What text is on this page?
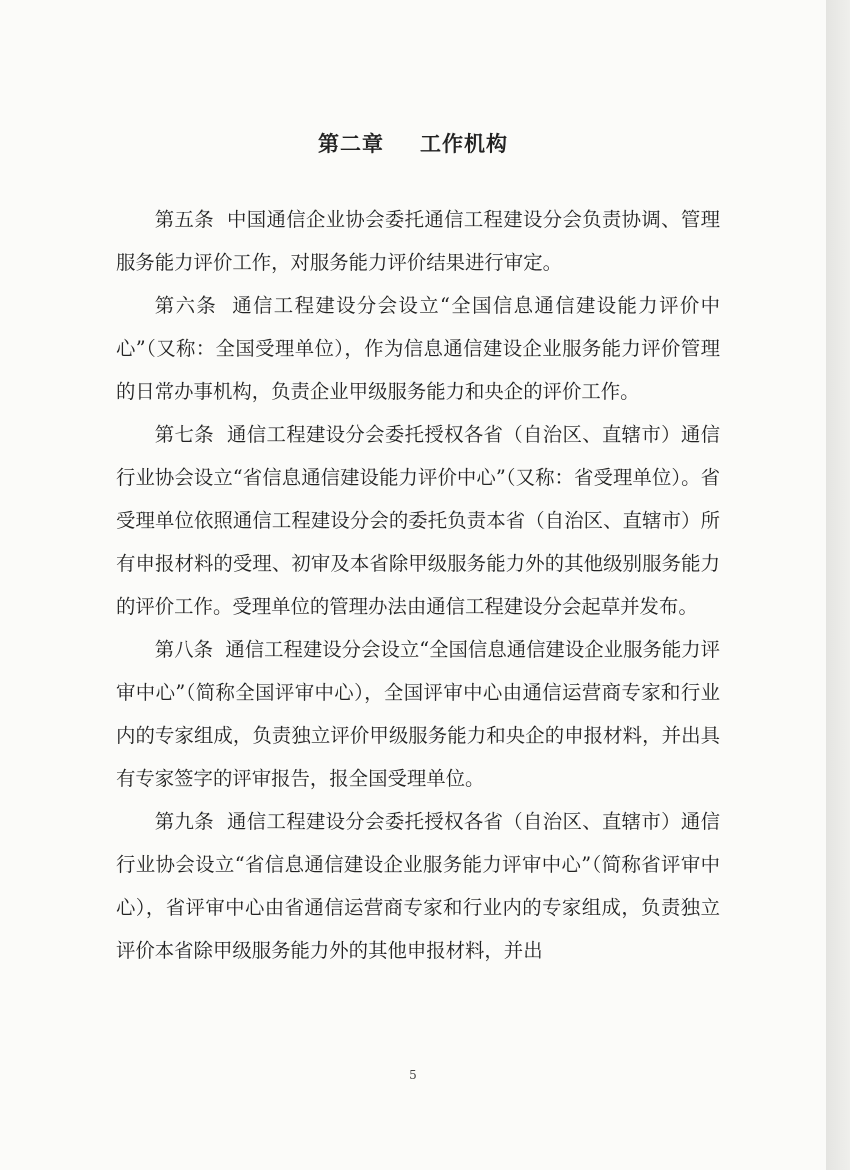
第二章 工作机构

第五条 中国通信企业协会委托通信工程建设分会负责协调、管理服务能力评价工作，对服务能力评价结果进行审定。

第六条 通信工程建设分会设立“全国信息通信建设能力评价中心”（又称：全国受理单位），作为信息通信建设企业服务能力评价管理的日常办事机构，负责企业甲级服务能力和央企的评价工作。

第七条 通信工程建设分会委托授权各省（自治区、直辖市）通信行业协会设立“省信息通信建设能力评价中心”（又称：省受理单位）。省受理单位依照通信工程建设分会的委托负责本省（自治区、直辖市）所有申报材料的受理、初审及本省除甲级服务能力外的其他级别服务能力的评价工作。受理单位的管理办法由通信工程建设分会起草并发布。

第八条 通信工程建设分会设立“全国信息通信建设企业服务能力评审中心”（简称全国评审中心），全国评审中心由通信运营商专家和行业内的专家组成，负责独立评价甲级服务能力和央企的申报材料，并出具有专家签字的评审报告，报全国受理单位。

第九条 通信工程建设分会委托授权各省（自治区、直辖市）通信行业协会设立“省信息通信建设企业服务能力评审中心”（简称省评审中心），省评审中心由省通信运营商专家和行业内的专家组成，负责独立评价本省除甲级服务能力外的其他申报材料，并出

5
